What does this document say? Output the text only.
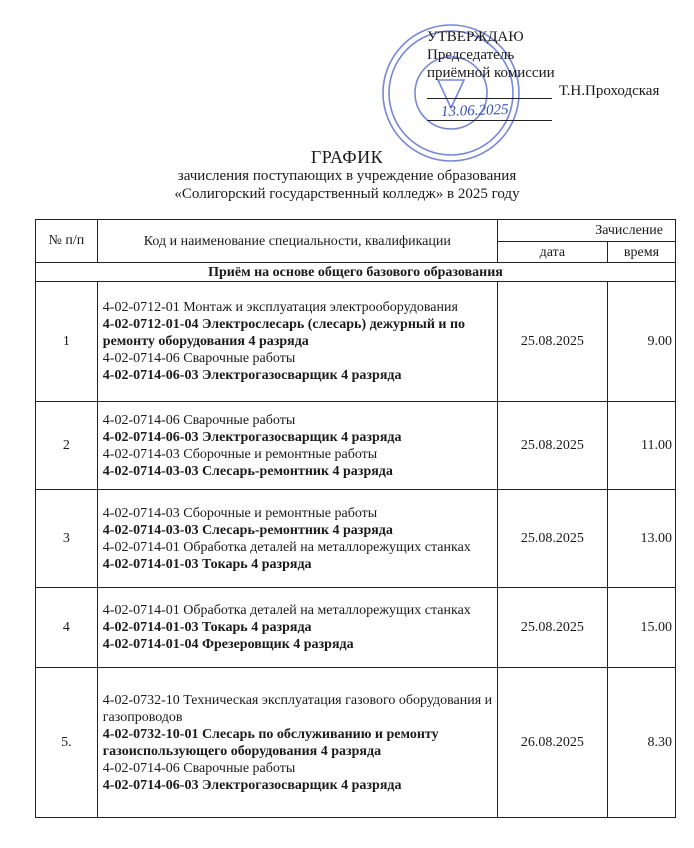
УТВЕРЖДАЮ
Председатель
приёмной комиссии
Т.Н.Проходская
13.06.2025
ГРАФИК
зачисления поступающих в учреждение образования
«Солигорский государственный колледж» в 2025 году
№ п/п	Код и наименование специальности, квалификации	Зачисление	
		дата	время
Приём на основе общего базового образования			
1	4-02-0712-01 Монтаж и эксплуатация электрооборудования
4-02-0712-01-04 Электрослесарь (слесарь) дежурный и по ремонту оборудования 4 разряда
4-02-0714-06 Сварочные работы
4-02-0714-06-03 Электрогазосварщик 4 разряда	25.08.2025	9.00
2	4-02-0714-06 Сварочные работы
4-02-0714-06-03 Электрогазосварщик 4 разряда
4-02-0714-03 Сборочные и ремонтные работы
4-02-0714-03-03 Слесарь-ремонтник 4 разряда	25.08.2025	11.00
3	4-02-0714-03 Сборочные и ремонтные работы
4-02-0714-03-03 Слесарь-ремонтник 4 разряда
4-02-0714-01 Обработка деталей на металлорежущих станках
4-02-0714-01-03 Токарь 4 разряда	25.08.2025	13.00
4	4-02-0714-01 Обработка деталей на металлорежущих станках
4-02-0714-01-03 Токарь 4 разряда
4-02-0714-01-04 Фрезеровщик 4 разряда	25.08.2025	15.00
5.	4-02-0732-10 Техническая эксплуатация газового оборудования и газопроводов
4-02-0732-10-01 Слесарь по обслуживанию и ремонту газоиспользующего оборудования 4 разряда
4-02-0714-06 Сварочные работы
4-02-0714-06-03 Электрогазосварщик 4 разряда	26.08.2025	8.30
